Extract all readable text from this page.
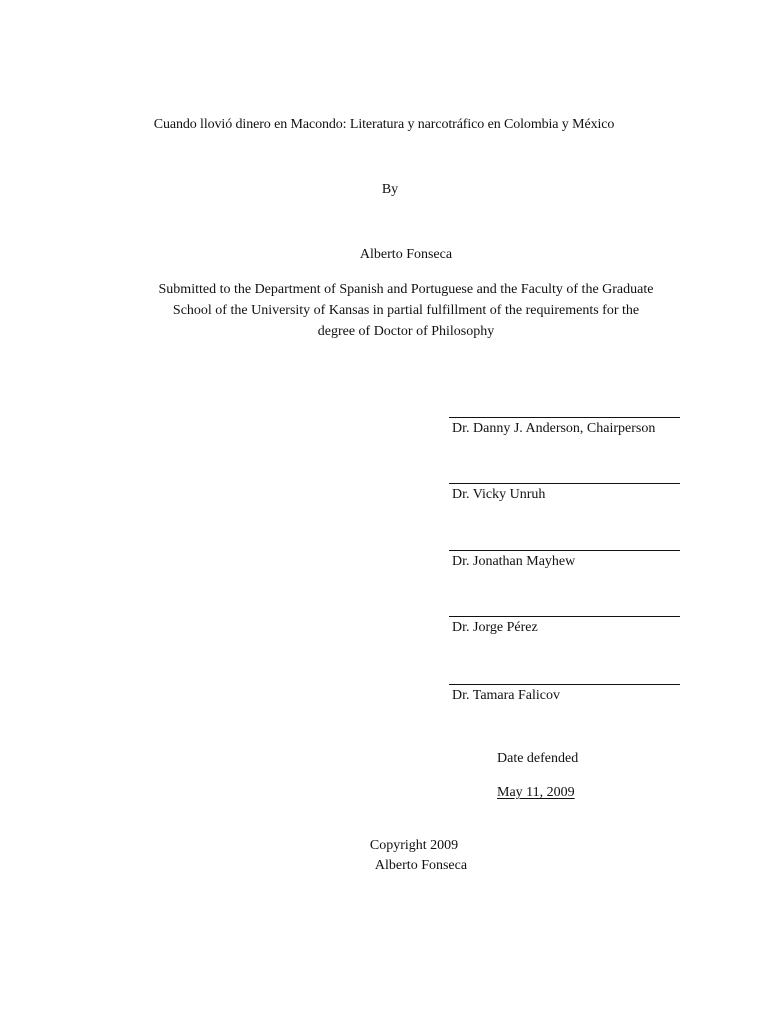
Cuando llovió dinero en Macondo: Literatura y narcotráfico en Colombia y México
By
Alberto Fonseca
Submitted to the Department of Spanish and Portuguese and the Faculty of the Graduate
School of the University of Kansas in partial fulfillment of the requirements for the
degree of Doctor of Philosophy
Dr. Danny J. Anderson, Chairperson
Dr. Vicky Unruh
Dr. Jonathan Mayhew
Dr. Jorge Pérez
Dr. Tamara Falicov
Date defended
May 11, 2009
Copyright 2009
Alberto Fonseca
